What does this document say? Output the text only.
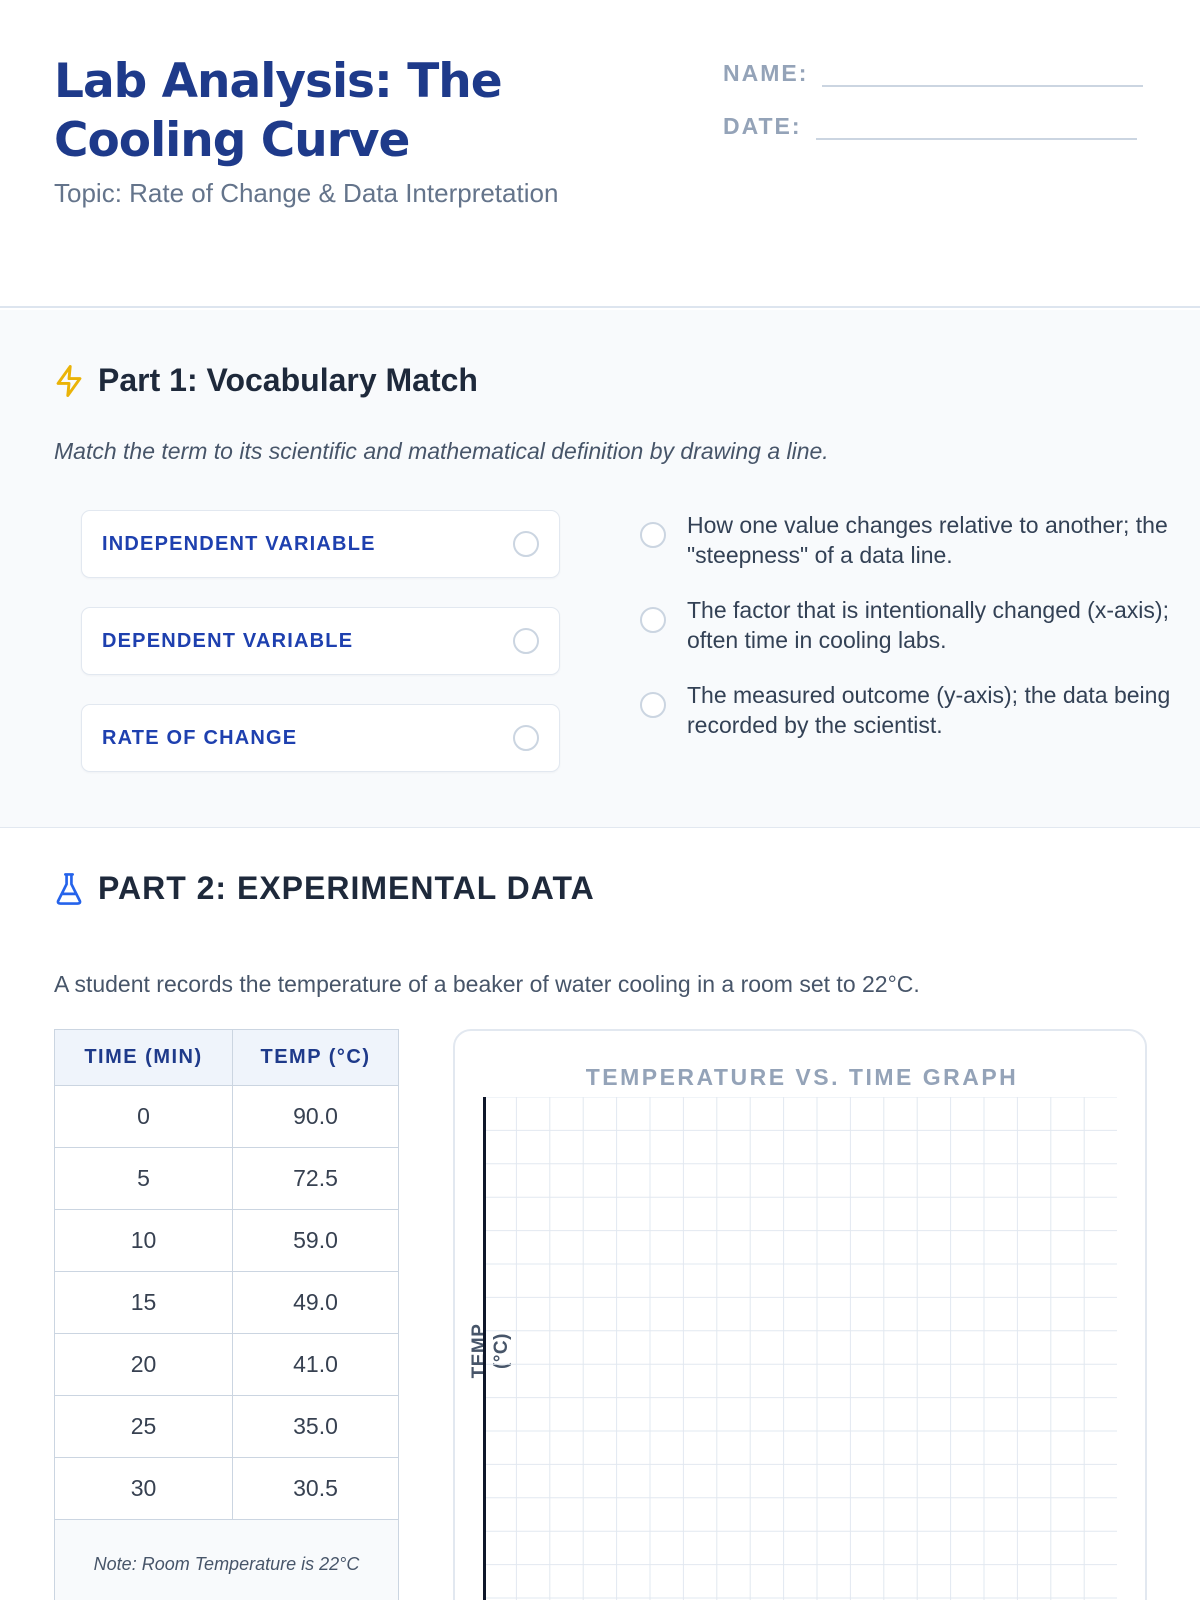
Lab Analysis: The Cooling Curve
Topic: Rate of Change & Data Interpretation
NAME:
DATE:
Part 1: Vocabulary Match
Match the term to its scientific and mathematical definition by drawing a line.
INDEPENDENT VARIABLE
DEPENDENT VARIABLE
RATE OF CHANGE
How one value changes relative to another; the "steepness" of a data line.
The factor that is intentionally changed (x-axis); often time in cooling labs.
The measured outcome (y-axis); the data being recorded by the scientist.
PART 2: EXPERIMENTAL DATA
A student records the temperature of a beaker of water cooling in a room set to 22°C.
TIME (MIN)	TEMP (°C)
0	90.0
5	72.5
10	59.0
15	49.0
20	41.0
25	35.0
30	30.5
Note: Room Temperature is 22°C	
TEMPERATURE VS. TIME GRAPH
TEMP (°C)
